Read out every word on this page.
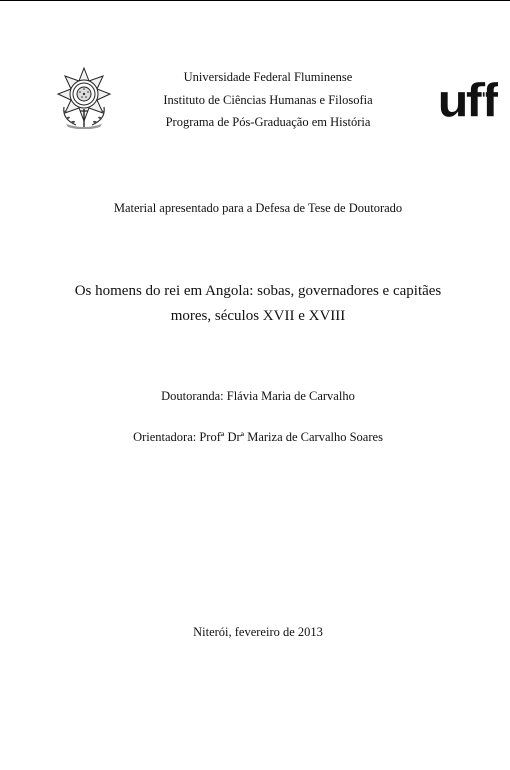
Universidade Federal Fluminense
Instituto de Ciências Humanas e Filosofia
Programa de Pós-Graduação em História	uff
Material apresentado para a Defesa de Tese de Doutorado
Os homens do rei em Angola: sobas, governadores e capitães
mores, séculos XVII e XVIII
Doutoranda: Flávia Maria de Carvalho
Orientadora: Profª Drª Mariza de Carvalho Soares
Niterói, fevereiro de 2013
